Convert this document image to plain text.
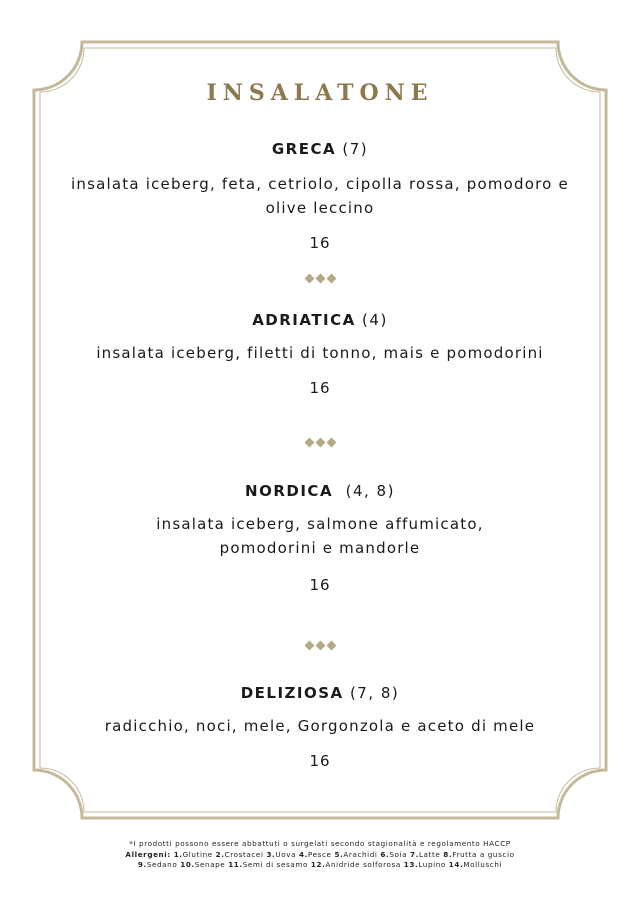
INSALATONE
GRECA (7)
insalata iceberg, feta, cetriolo, cipolla rossa, pomodoro e olive leccino
16
ADRIATICA (4)
insalata iceberg, filetti di tonno, mais e pomodorini
16
NORDICA  (4, 8)
insalata iceberg, salmone affumicato, pomodorini e mandorle
16
DELIZIOSA (7, 8)
radicchio, noci, mele, Gorgonzola e aceto di mele
16
*I prodotti possono essere abbattuti o surgelati secondo stagionalità e regolamento HACCP
Allergeni: 1.Glutine 2.Crostacei 3.Uova 4.Pesce 5.Arachidi 6.Soia 7.Latte 8.Frutta a guscio
9.Sedano 10.Senape 11.Semi di sesamo 12.Anidride solforosa 13.Lupino 14.Molluschi
